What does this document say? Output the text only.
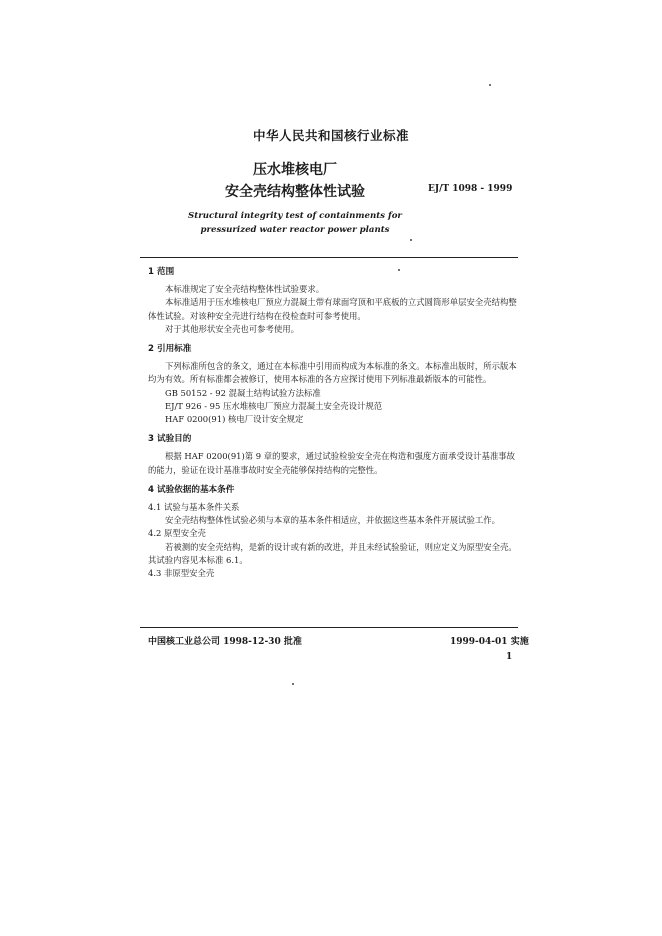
中华人民共和国核行业标准
压水堆核电厂
安全壳结构整体性试验	EJ/T 1098 - 1999
Structural integrity test of containments for
pressurized water reactor power plants
1 范围

本标准规定了安全壳结构整体性试验要求。

本标准适用于压水堆核电厂预应力混凝土带有球面穹顶和平底板的立式圆筒形单层安全壳结构整体性试验。对该种安全壳进行结构在役检查时可参考使用。

对于其他形状安全壳也可参考使用。

2 引用标准

下列标准所包含的条文，通过在本标准中引用而构成为本标准的条文。本标准出版时，所示版本均为有效。所有标准都会被修订，使用本标准的各方应探讨使用下列标准最新版本的可能性。

GB 50152 - 92 混凝土结构试验方法标准

EJ/T 926 - 95 压水堆核电厂预应力混凝土安全壳设计规范

HAF 0200(91) 核电厂设计安全规定

3 试验目的

根据 HAF 0200(91)第 9 章的要求，通过试验检验安全壳在构造和强度方面承受设计基准事故的能力，验证在设计基准事故时安全壳能够保持结构的完整性。

4 试验依据的基本条件

4.1 试验与基本条件关系

安全壳结构整体性试验必须与本章的基本条件相适应，并依据这些基本条件开展试验工作。

4.2 原型安全壳

若被测的安全壳结构，是新的设计或有新的改进，并且未经试验验证，则应定义为原型安全壳。其试验内容见本标准 6.1。

4.3 非原型安全壳

中国核工业总公司 1998-12-30 批准	1999-04-01 实施
1
